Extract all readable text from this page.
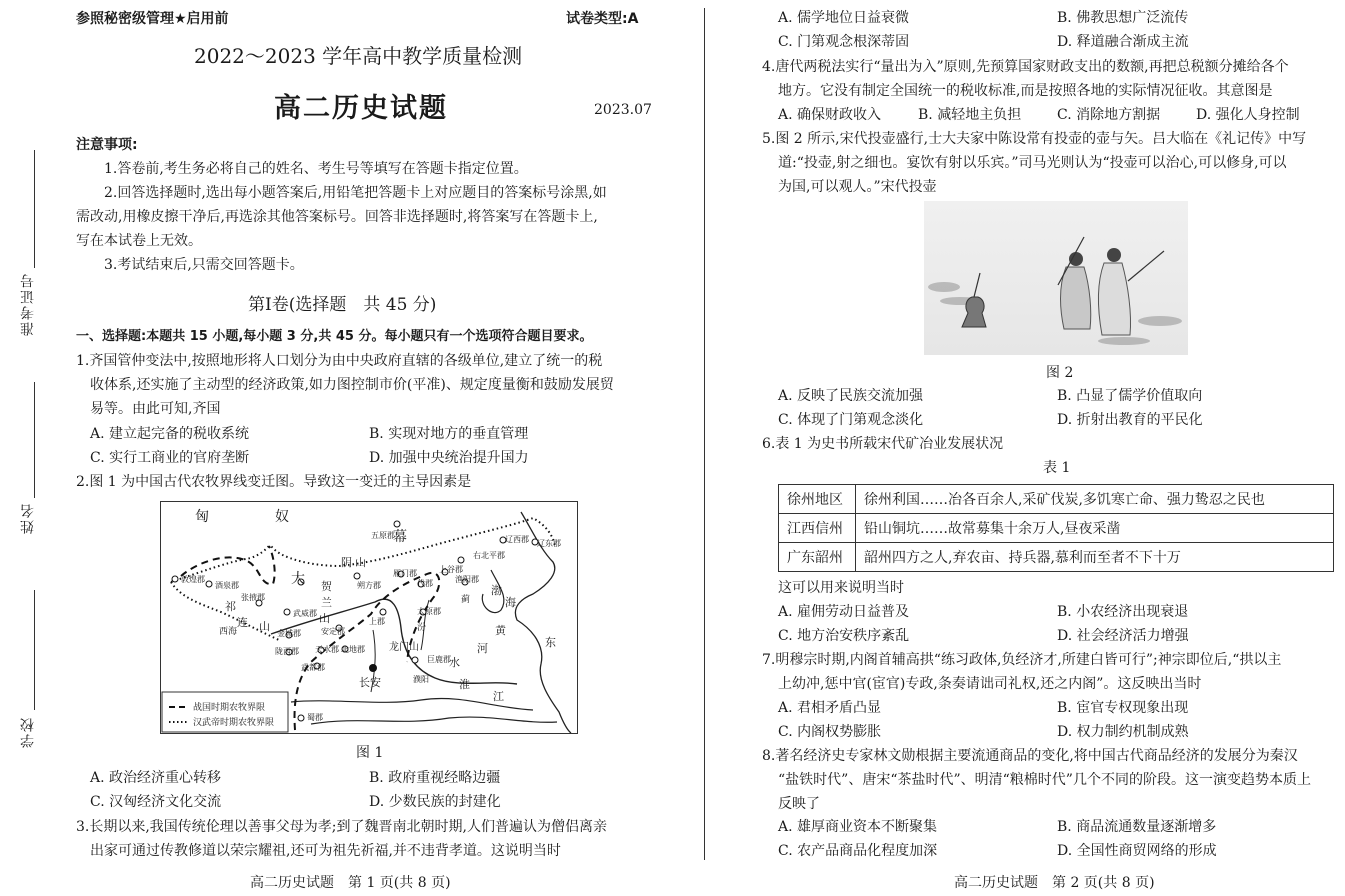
参照秘密级管理★启用前	试卷类型:A
2022～2023 学年高中教学质量检测
高二历史试题	2023.07
注意事项:
1.答卷前,考生务必将自己的姓名、考生号等填写在答题卡指定位置。
2.回答选择题时,选出每小题答案后,用铅笔把答题卡上对应题目的答案标号涂黑,如
需改动,用橡皮擦干净后,再选涂其他答案标号。回答非选择题时,将答案写在答题卡上,
写在本试卷上无效。
3.考试结束后,只需交回答题卡。
第Ⅰ卷(选择题　共 45 分)
一、选择题:本题共 15 小题,每小题 3 分,共 45 分。每小题只有一个选项符合题目要求。
准考证号
姓名
学校
1.齐国管仲变法中,按照地形将人口划分为由中央政府直辖的各级单位,建立了统一的税
收体系,还实施了主动型的经济政策,如力图控制市价(平准)、规定度量衡和鼓励发展贸
易等。由此可知,齐国
A. 建立起完备的税收系统	B. 实现对地方的垂直管理
C. 实行工商业的官府垄断	D. 加强中央统治提升国力
2.图 1 为中国古代农牧界线变迁图。导致这一变迁的主导因素是
匈	奴
幕
大
阴 山
贺
兰
山
祁
连 山
西海
龙门山
渤
海
东
黄
河
淮
水
江
长安
蜀郡
敦煌郡
酒泉郡
张掖郡
武威郡
金城郡
陇西郡 天水郡 北地郡
安定郡
上郡
太原郡
代郡
雁门郡	上谷郡
渔阳郡
右北平郡
辽西郡 辽东郡
五原郡
朔方郡
巨鹿郡
濮阳
武都郡
蓟
汾
战国时期农牧界限
汉武帝时期农牧界限
图 1
A. 政治经济重心转移	B. 政府重视经略边疆
C. 汉匈经济文化交流	D. 少数民族的封建化
3.长期以来,我国传统伦理以善事父母为孝;到了魏晋南北朝时期,人们普遍认为僧侣离亲
出家可通过传教修道以荣宗耀祖,还可为祖先祈福,并不违背孝道。这说明当时
高二历史试题　第 1 页(共 8 页)
A. 儒学地位日益衰微	B. 佛教思想广泛流传
C. 门第观念根深蒂固	D. 释道融合渐成主流
4.唐代两税法实行“量出为入”原则,先预算国家财政支出的数额,再把总税额分摊给各个
地方。它没有制定全国统一的税收标准,而是按照各地的实际情况征收。其意图是
A. 确保财政收入	B. 减轻地主负担	C. 消除地方割据	D. 强化人身控制
5.图 2 所示,宋代投壶盛行,士大夫家中陈设常有投壶的壶与矢。吕大临在《礼记传》中写
道:“投壶,射之细也。宴饮有射以乐宾。”司马光则认为“投壶可以治心,可以修身,可以
为国,可以观人。”宋代投壶
图 2
A. 反映了民族交流加强	B. 凸显了儒学价值取向
C. 体现了门第观念淡化	D. 折射出教育的平民化
6.表 1 为史书所载宋代矿冶业发展状况
表 1
徐州地区	徐州利国……冶各百余人,采矿伐炭,多饥寒亡命、强力鸷忍之民也
江西信州	铅山铜坑……故常募集十余万人,昼夜采凿
广东韶州	韶州四方之人,弃农亩、持兵器,慕利而至者不下十万
这可以用来说明当时
A. 雇佣劳动日益普及	B. 小农经济出现衰退
C. 地方治安秩序紊乱	D. 社会经济活力增强
7.明穆宗时期,内阁首辅高拱“练习政体,负经济才,所建白皆可行”;神宗即位后,“拱以主
上幼冲,惩中官(宦官)专政,条奏请诎司礼权,还之内阁”。这反映出当时
A. 君相矛盾凸显	B. 宦官专权现象出现
C. 内阁权势膨胀	D. 权力制约机制成熟
8.著名经济史专家林文勋根据主要流通商品的变化,将中国古代商品经济的发展分为秦汉
“盐铁时代”、唐宋“茶盐时代”、明清“粮棉时代”几个不同的阶段。这一演变趋势本质上
反映了
A. 雄厚商业资本不断聚集	B. 商品流通数量逐渐增多
C. 农产品商品化程度加深	D. 全国性商贸网络的形成
高二历史试题　第 2 页(共 8 页)
